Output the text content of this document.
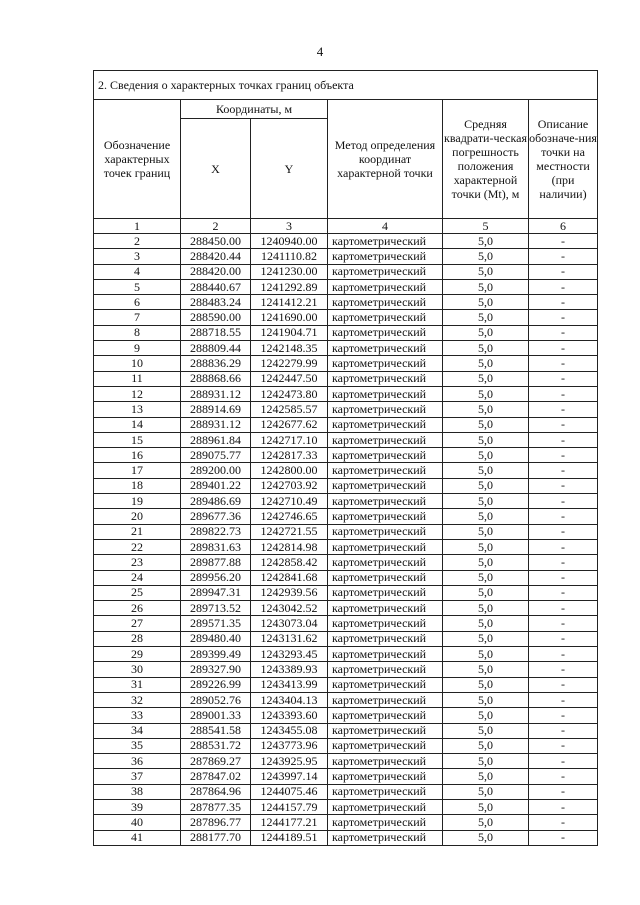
4
2. Сведения о характерных точках границ объекта					
Обозначение характерных точек границ	Координаты, м		Метод определения координат характерной точки	Средняя квадрати-ческая погрешность положения характерной точки (Mt), м	Описание обозначе-ния точки на местности (при наличии)
	X	Y			
1	2	3	4	5	6
2	288450.00	1240940.00	картометрический	5,0	-
3	288420.44	1241110.82	картометрический	5,0	-
4	288420.00	1241230.00	картометрический	5,0	-
5	288440.67	1241292.89	картометрический	5,0	-
6	288483.24	1241412.21	картометрический	5,0	-
7	288590.00	1241690.00	картометрический	5,0	-
8	288718.55	1241904.71	картометрический	5,0	-
9	288809.44	1242148.35	картометрический	5,0	-
10	288836.29	1242279.99	картометрический	5,0	-
11	288868.66	1242447.50	картометрический	5,0	-
12	288931.12	1242473.80	картометрический	5,0	-
13	288914.69	1242585.57	картометрический	5,0	-
14	288931.12	1242677.62	картометрический	5,0	-
15	288961.84	1242717.10	картометрический	5,0	-
16	289075.77	1242817.33	картометрический	5,0	-
17	289200.00	1242800.00	картометрический	5,0	-
18	289401.22	1242703.92	картометрический	5,0	-
19	289486.69	1242710.49	картометрический	5,0	-
20	289677.36	1242746.65	картометрический	5,0	-
21	289822.73	1242721.55	картометрический	5,0	-
22	289831.63	1242814.98	картометрический	5,0	-
23	289877.88	1242858.42	картометрический	5,0	-
24	289956.20	1242841.68	картометрический	5,0	-
25	289947.31	1242939.56	картометрический	5,0	-
26	289713.52	1243042.52	картометрический	5,0	-
27	289571.35	1243073.04	картометрический	5,0	-
28	289480.40	1243131.62	картометрический	5,0	-
29	289399.49	1243293.45	картометрический	5,0	-
30	289327.90	1243389.93	картометрический	5,0	-
31	289226.99	1243413.99	картометрический	5,0	-
32	289052.76	1243404.13	картометрический	5,0	-
33	289001.33	1243393.60	картометрический	5,0	-
34	288541.58	1243455.08	картометрический	5,0	-
35	288531.72	1243773.96	картометрический	5,0	-
36	287869.27	1243925.95	картометрический	5,0	-
37	287847.02	1243997.14	картометрический	5,0	-
38	287864.96	1244075.46	картометрический	5,0	-
39	287877.35	1244157.79	картометрический	5,0	-
40	287896.77	1244177.21	картометрический	5,0	-
41	288177.70	1244189.51	картометрический	5,0	-
